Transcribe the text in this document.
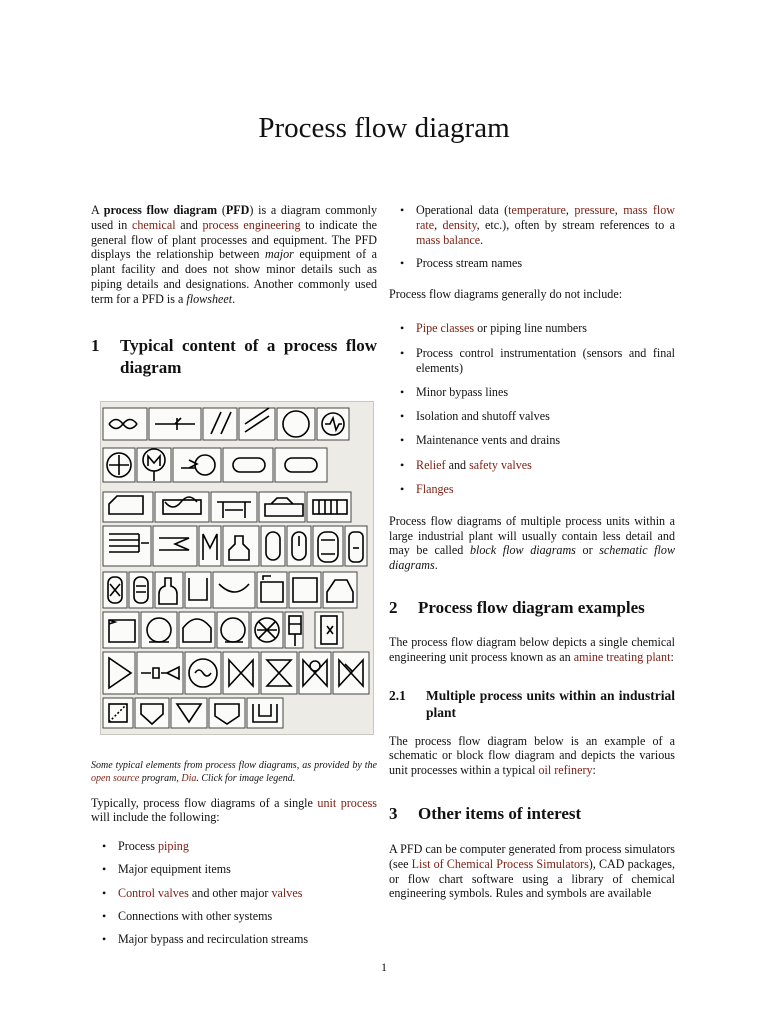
Process flow diagram

A process flow diagram (PFD) is a diagram commonly used in chemical and process engineering to indicate the general flow of plant processes and equipment. The PFD displays the relationship between major equipment of a plant facility and does not show minor details such as piping details and designations. Another commonly used term for a PFD is a flowsheet.

1	Typical content of a process flow diagram

Some typical elements from process flow diagrams, as provided by the open source program, Dia. Click for image legend.

Typically, process flow diagrams of a single unit process will include the following:

• Process piping
• Major equipment items
• Control valves and other major valves
• Connections with other systems
• Major bypass and recirculation streams
• Operational data (temperature, pressure, mass flow rate, density, etc.), often by stream references to a mass balance.
• Process stream names

Process flow diagrams generally do not include:

• Pipe classes or piping line numbers
• Process control instrumentation (sensors and final elements)
• Minor bypass lines
• Isolation and shutoff valves
• Maintenance vents and drains
• Relief and safety valves
• Flanges

Process flow diagrams of multiple process units within a large industrial plant will usually contain less detail and may be called block flow diagrams or schematic flow diagrams.

2	Process flow diagram examples

The process flow diagram below depicts a single chemical engineering unit process known as an amine treating plant:

2.1	Multiple process units within an industrial plant

The process flow diagram below is an example of a schematic or block flow diagram and depicts the various unit processes within a typical oil refinery:

3	Other items of interest

A PFD can be computer generated from process simulators (see List of Chemical Process Simulators), CAD packages, or flow chart software using a library of chemical engineering symbols. Rules and symbols are available

1
